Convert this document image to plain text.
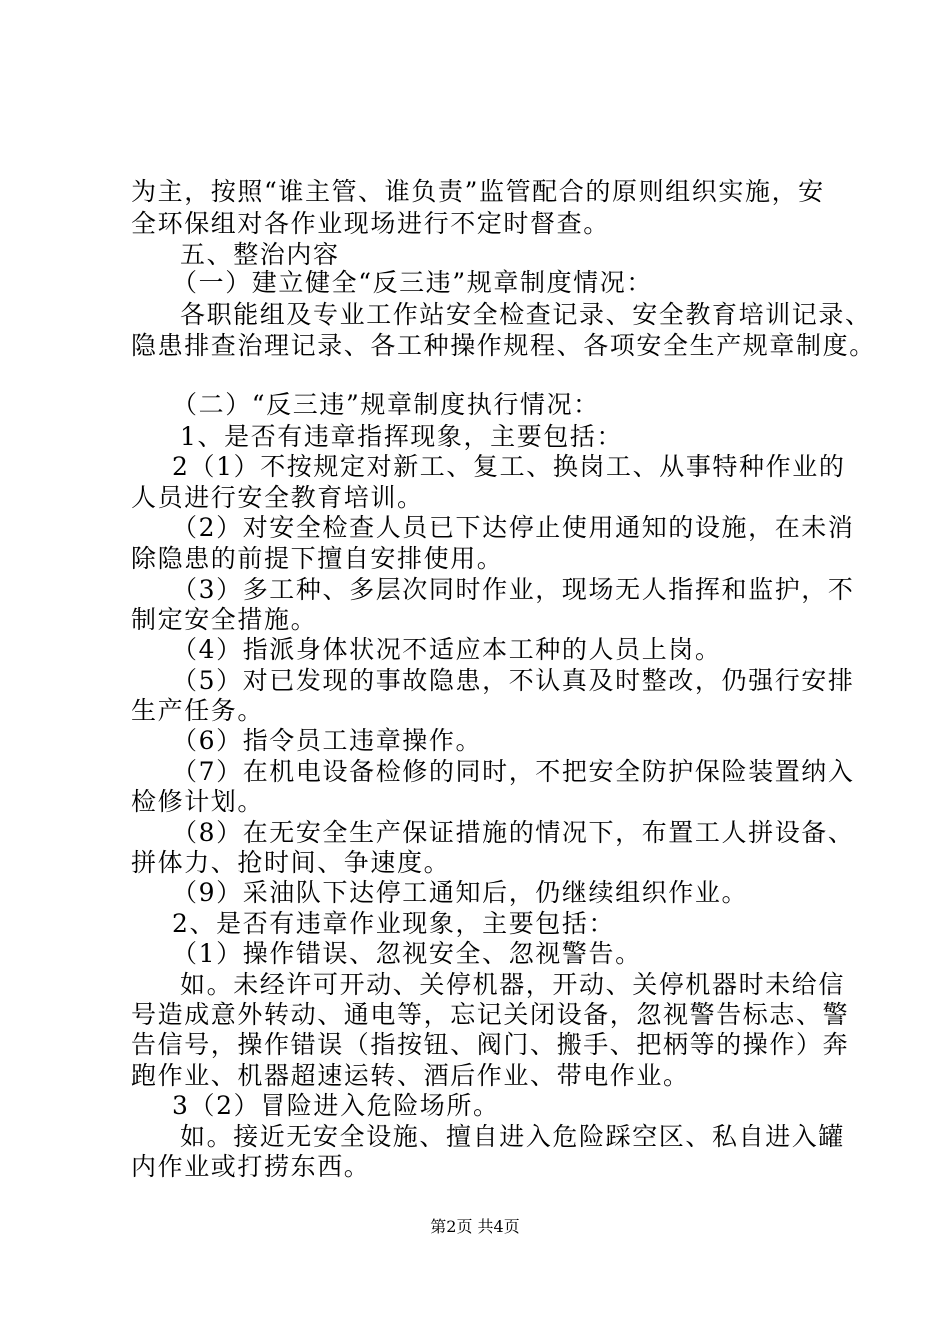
为主，按照“谁主管、谁负责”监管配合的原则组织实施，安
全环保组对各作业现场进行不定时督查。
五、整治内容
（一）建立健全“反三违”规章制度情况：
各职能组及专业工作站安全检查记录、安全教育培训记录、
隐患排查治理记录、各工种操作规程、各项安全生产规章制度。
（二）“反三违”规章制度执行情况：
1、是否有违章指挥现象，主要包括：
2（1）不按规定对新工、复工、换岗工、从事特种作业的
人员进行安全教育培训。
（2）对安全检查人员已下达停止使用通知的设施，在未消
除隐患的前提下擅自安排使用。
（3）多工种、多层次同时作业，现场无人指挥和监护，不
制定安全措施。
（4）指派身体状况不适应本工种的人员上岗。
（5）对已发现的事故隐患，不认真及时整改，仍强行安排
生产任务。
（6）指令员工违章操作。
（7）在机电设备检修的同时，不把安全防护保险装置纳入
检修计划。
（8）在无安全生产保证措施的情况下，布置工人拼设备、
拼体力、抢时间、争速度。
（9）采油队下达停工通知后，仍继续组织作业。
2、是否有违章作业现象，主要包括：
（1）操作错误、忽视安全、忽视警告。
如。未经许可开动、关停机器，开动、关停机器时未给信
号造成意外转动、通电等，忘记关闭设备，忽视警告标志、警
告信号，操作错误（指按钮、阀门、搬手、把柄等的操作）奔
跑作业、机器超速运转、酒后作业、带电作业。
3（2）冒险进入危险场所。
如。接近无安全设施、擅自进入危险踩空区、私自进入罐
内作业或打捞东西。
第2页 共4页
